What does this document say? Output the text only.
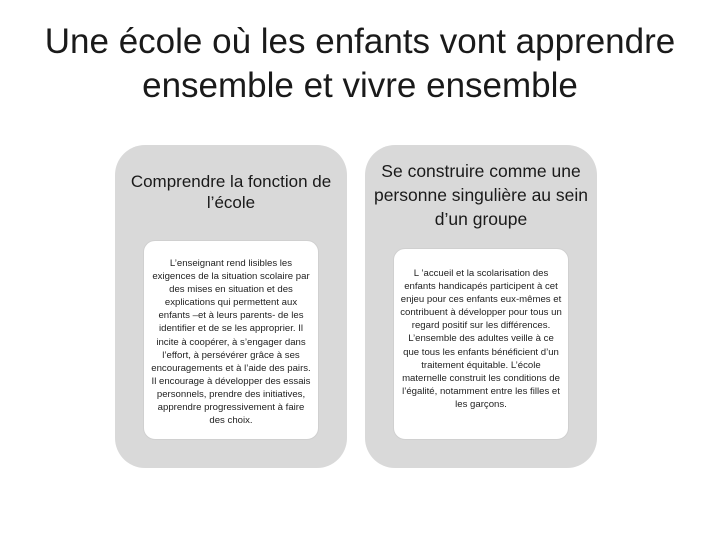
Une école où les enfants vont apprendre ensemble et vivre ensemble
Comprendre la fonction de l’école
L’enseignant rend lisibles les exigences de la situation scolaire par des mises en situation et des explications qui permettent aux enfants –et à leurs parents- de les identifier et de se les approprier. Il incite à coopérer, à s’engager dans l’effort, à persévérer grâce à ses encouragements et à l’aide des pairs. Il encourage à développer des essais personnels, prendre des initiatives, apprendre progressivement à faire des choix.
Se construire comme une personne singulière au sein d’un groupe
L ’accueil et la scolarisation des enfants handicapés participent à cet enjeu pour ces enfants eux-mêmes et contribuent à développer pour tous un regard positif sur les différences. L’ensemble des adultes veille à ce que tous les enfants bénéficient d’un traitement équitable. L’école maternelle construit les conditions de l’égalité, notamment entre les filles et les garçons.
